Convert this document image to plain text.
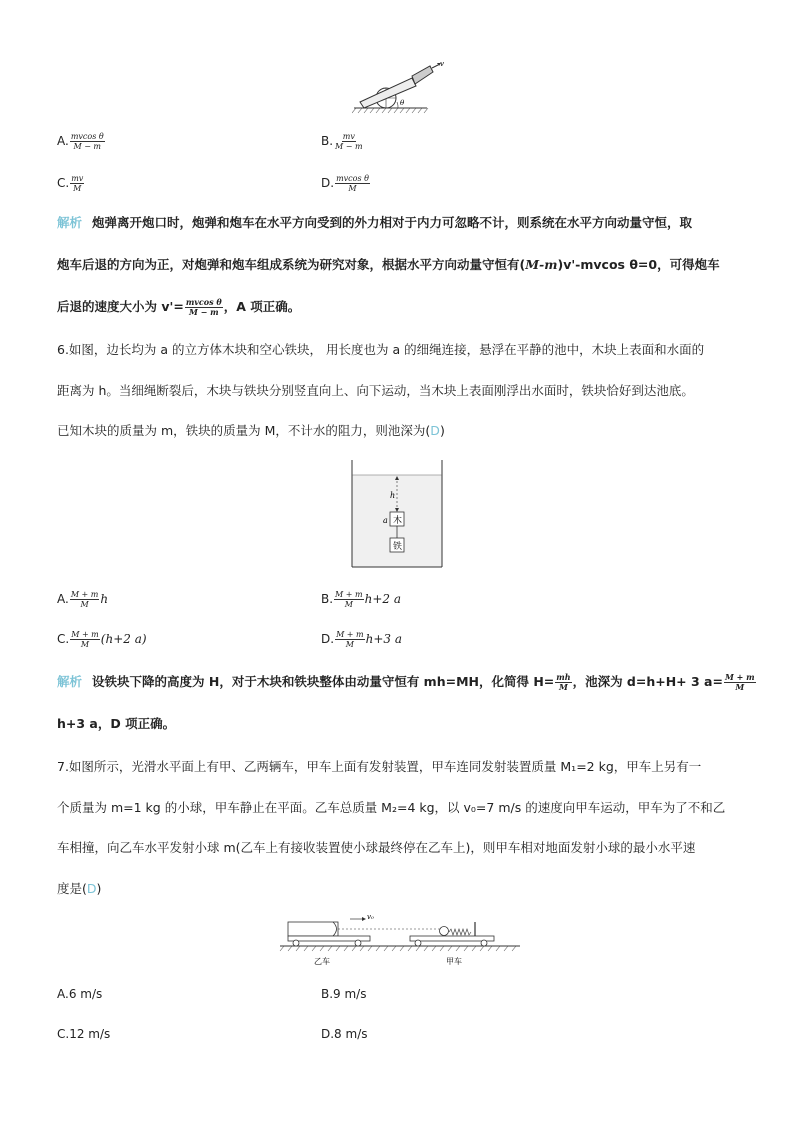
v
θ
A. $\frac{\text{mvcos θ}}{M - m}$	B. $\frac{mv}{M - m}$
C. $\frac{mv}{M}$	D. $\frac{\text{mvcos θ}}{M}$
解析 炮弹离开炮口时，炮弹和炮车在水平方向受到的外力相对于内力可忽略不计，则系统在水平方向动量守恒，取
炮车后退的方向为正，对炮弹和炮车组成系统为研究对象，根据水平方向动量守恒有(M-m)v'-mvcos θ=0，可得炮车
后退的速度大小为 $v'= \frac{\text{mvcos θ}}{M - m}$ ，A 项正确。
6.如图，边长均为 a 的立方体木块和空心铁块， 用长度也为 a 的细绳连接，悬浮在平静的池中，木块上表面和水面的
距离为 h。当细绳断裂后，木块与铁块分别竖直向上、向下运动，当木块上表面刚浮出水面时，铁块恰好到达池底。
已知木块的质量为 m，铁块的质量为 M，不计水的阻力，则池深为(D)
h
木
a
铁
A. $\frac{M + m}{M}$ h	B. $\frac{M + m}{M} h+2$ a
C. $\frac{M + m}{M} (h+2$ a)	D. $\frac{M + m}{M} h+3$ a
解析 设铁块下降的高度为 H，对于木块和铁块整体由动量守恒有 mh=MH，化简得 $H= \frac{mh}{M}$ ，池深为 d=h+H+ 3 $a= \frac{M + m}{M}$
h+3 a，D 项正确。
7.如图所示，光滑水平面上有甲、乙两辆车，甲车上面有发射装置，甲车连同发射装置质量 M₁=2 kg，甲车上另有一
个质量为 m=1 kg 的小球，甲车静止在平面。乙车总质量 M₂=4 kg，以 v₀=7 m/s 的速度向甲车运动，甲车为了不和乙
车相撞，向乙车水平发射小球 m(乙车上有接收装置使小球最终停在乙车上)，则甲车相对地面发射小球的最小水平速
度是(D)
v₀
乙车	甲车
A.6 m/s	B.9 m/s
C.12 m/s	D.8 m/s
